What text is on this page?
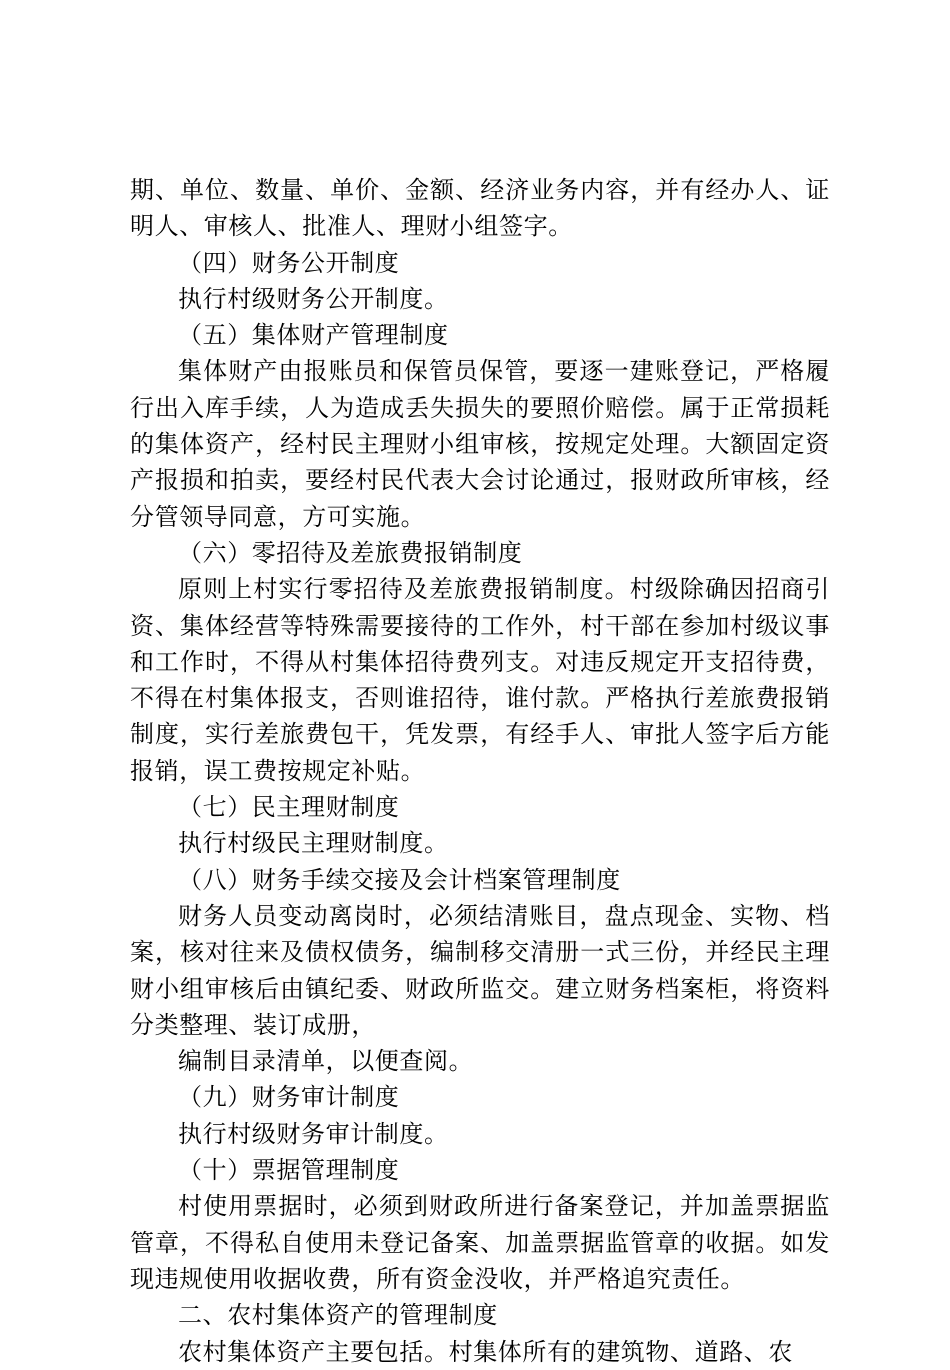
期、单位、数量、单价、金额、经济业务内容，并有经办人、证明人、审核人、批准人、理财小组签字。

（四）财务公开制度

执行村级财务公开制度。

（五）集体财产管理制度

集体财产由报账员和保管员保管，要逐一建账登记，严格履行出入库手续，人为造成丢失损失的要照价赔偿。属于正常损耗的集体资产，经村民主理财小组审核，按规定处理。大额固定资产报损和拍卖，要经村民代表大会讨论通过，报财政所审核，经分管领导同意，方可实施。

（六）零招待及差旅费报销制度

原则上村实行零招待及差旅费报销制度。村级除确因招商引资、集体经营等特殊需要接待的工作外，村干部在参加村级议事和工作时，不得从村集体招待费列支。对违反规定开支招待费，不得在村集体报支，否则谁招待，谁付款。严格执行差旅费报销制度，实行差旅费包干，凭发票，有经手人、审批人签字后方能报销，误工费按规定补贴。

（七）民主理财制度

执行村级民主理财制度。

（八）财务手续交接及会计档案管理制度

财务人员变动离岗时，必须结清账目，盘点现金、实物、档案，核对往来及债权债务，编制移交清册一式三份，并经民主理财小组审核后由镇纪委、财政所监交。建立财务档案柜，将资料分类整理、装订成册，

编制目录清单，以便查阅。

（九）财务审计制度

执行村级财务审计制度。

（十）票据管理制度

村使用票据时，必须到财政所进行备案登记，并加盖票据监管章，不得私自使用未登记备案、加盖票据监管章的收据。如发现违规使用收据收费，所有资金没收，并严格追究责任。

二、农村集体资产的管理制度

农村集体资产主要包括。村集体所有的建筑物、道路、农
